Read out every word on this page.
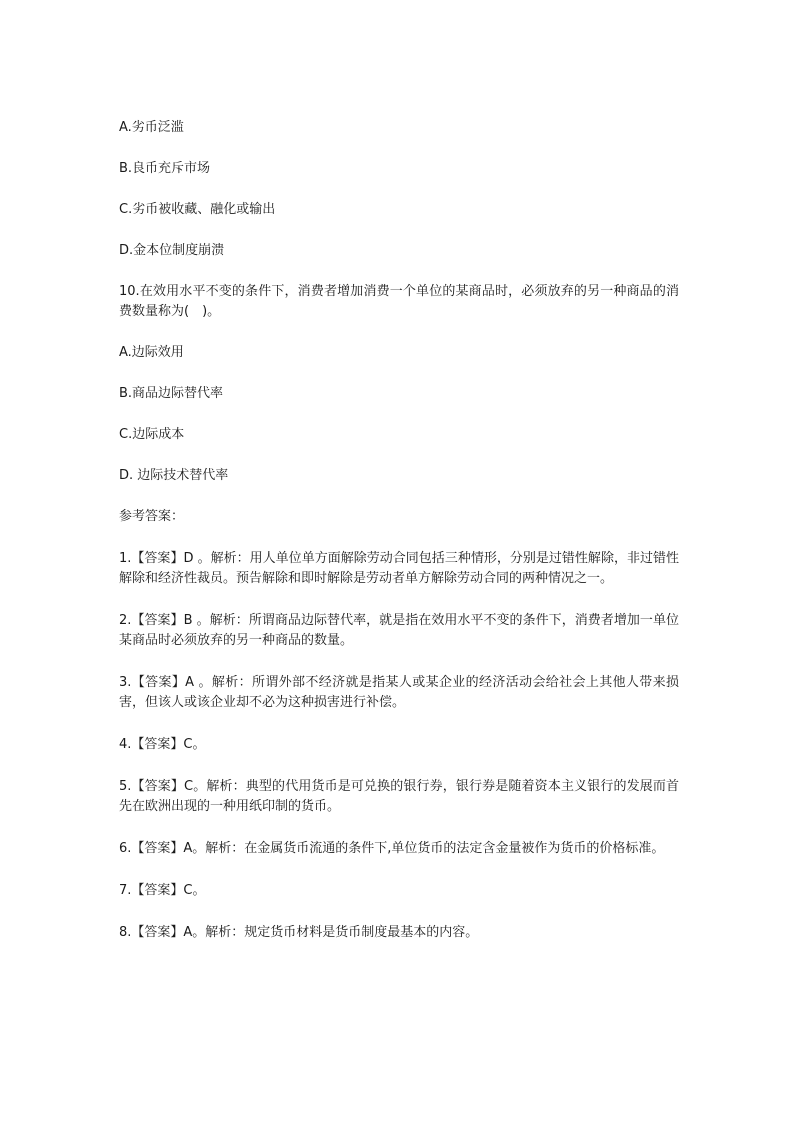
A.劣币泛滥

B.良币充斥市场

C.劣币被收藏、融化或输出

D.金本位制度崩溃

10.在效用水平不变的条件下，消费者增加消费一个单位的某商品时，必须放弃的另一种商品的消费数量称为(　)。

A.边际效用

B.商品边际替代率

C.边际成本

D. 边际技术替代率

参考答案：

1.【答案】D 。解析：用人单位单方面解除劳动合同包括三种情形，分别是过错性解除，非过错性解除和经济性裁员。预告解除和即时解除是劳动者单方解除劳动合同的两种情况之一。

2.【答案】B 。解析：所谓商品边际替代率，就是指在效用水平不变的条件下，消费者增加一单位某商品时必须放弃的另一种商品的数量。

3.【答案】A 。解析：所谓外部不经济就是指某人或某企业的经济活动会给社会上其他人带来损害，但该人或该企业却不必为这种损害进行补偿。

4.【答案】C。

5.【答案】C。解析：典型的代用货币是可兑换的银行券，银行券是随着资本主义银行的发展而首先在欧洲出现的一种用纸印制的货币。

6.【答案】A。解析：在金属货币流通的条件下,单位货币的法定含金量被作为货币的价格标准。

7.【答案】C。

8.【答案】A。解析：规定货币材料是货币制度最基本的内容。
